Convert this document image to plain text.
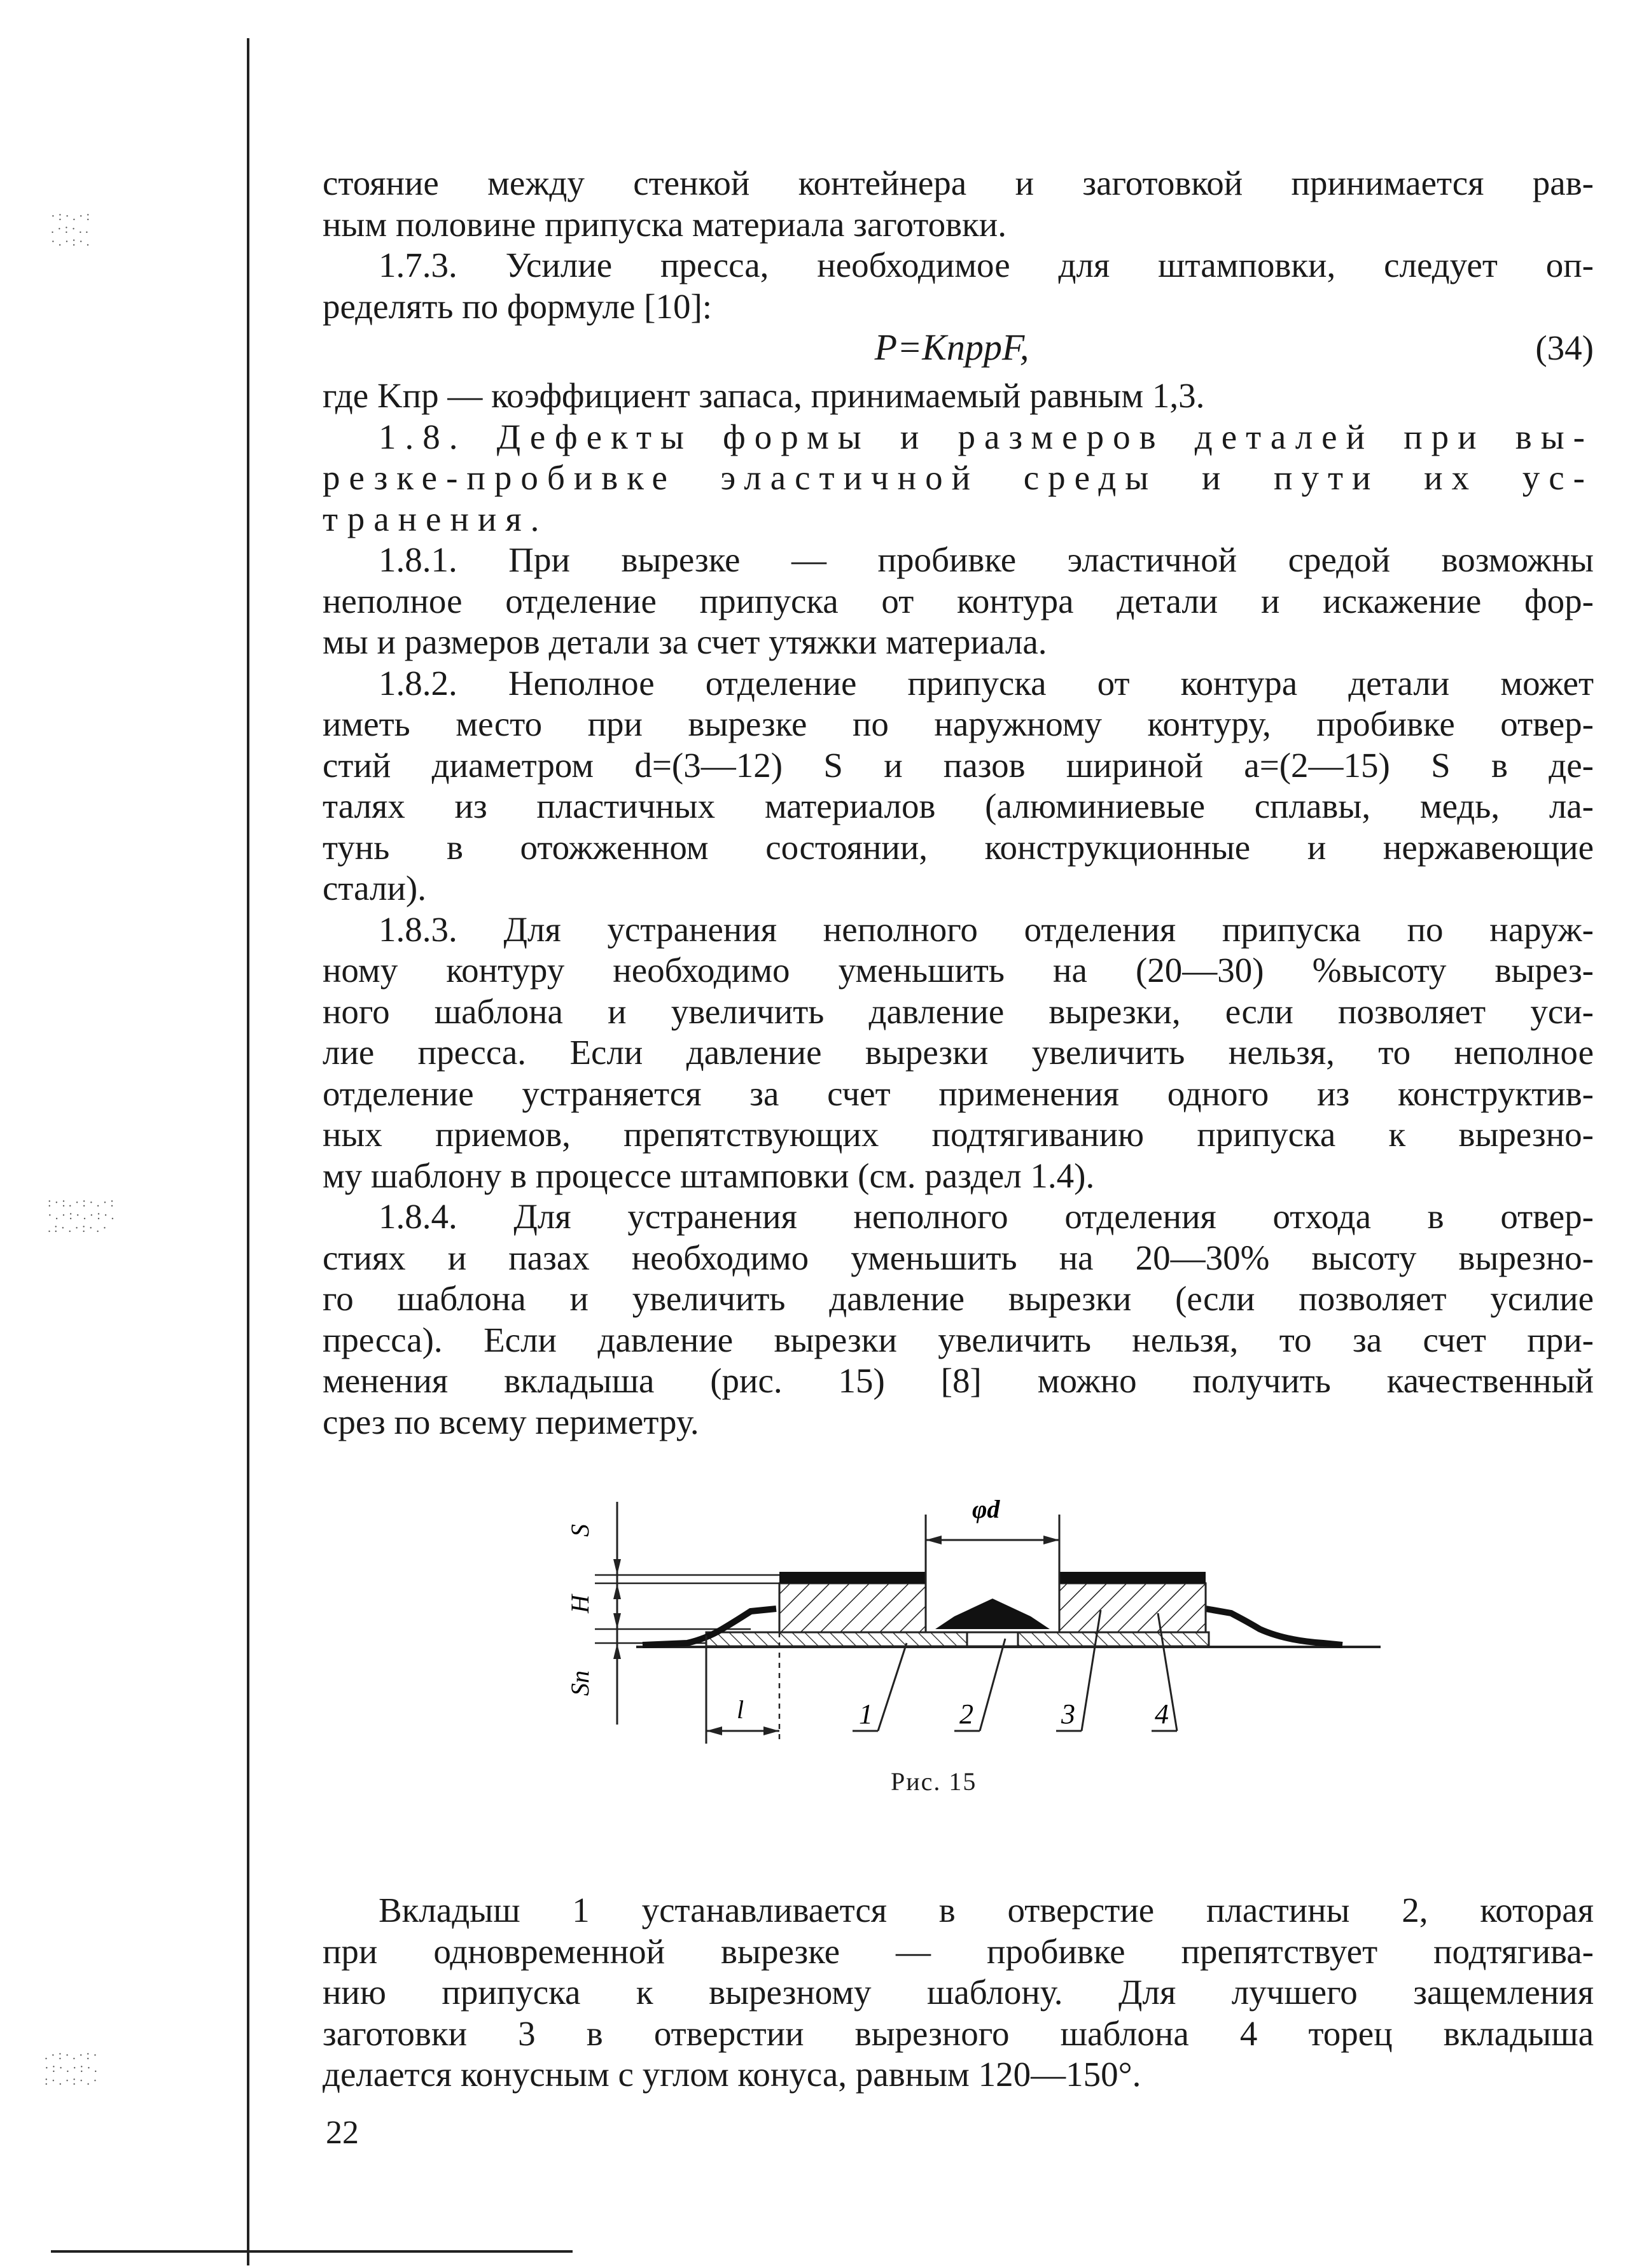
·:·.·:
.·:·..
·.·:·.
:·:.·:·.·:
·.·:·.·:·.
.:·.·:·.·
.·:·.·:·
·:·.·:·.
:·.·:·.·

стояние между стенкой контейнера и заготовкой принимается рав-

ным половине припуска материала заготовки.

1.7.3. Усилие пресса, необходимое для штамповки, следует оп-

ределять по формуле [10]:

P=KпрpF,	(34)

где Kпр — коэффициент запаса, принимаемый равным 1,3.

1.8. Дефекты формы и размеров деталей при вы-

резке-пробивке эластичной среды и пути их ус-

транения.

1.8.1. При вырезке — пробивке эластичной средой возможны

неполное отделение припуска от контура детали и искажение фор-

мы и размеров детали за счет утяжки материала.

1.8.2. Неполное отделение припуска от контура детали может

иметь место при вырезке по наружному контуру, пробивке отвер-

стий диаметром d=(3—12) S и пазов шириной a=(2—15) S в де-

талях из пластичных материалов (алюминиевые сплавы, медь, ла-

тунь в отожженном состоянии, конструкционные и нержавеющие

стали).

1.8.3. Для устранения неполного отделения припуска по наруж-

ному контуру необходимо уменьшить на (20—30) %высоту вырез-

ного шаблона и увеличить давление вырезки, если позволяет уси-

лие пресса. Если давление вырезки увеличить нельзя, то неполное

отделение устраняется за счет применения одного из конструктив-

ных приемов, препятствующих подтягиванию припуска к вырезно-

му шаблону в процессе штамповки (см. раздел 1.4).

1.8.4. Для устранения неполного отделения отхода в отвер-

стиях и пазах необходимо уменьшить на 20—30% высоту вырезно-

го шаблона и увеличить давление вырезки (если позволяет усилие

пресса). Если давление вырезки увеличить нельзя, то за счет при-

менения вкладыша (рис. 15) [8] можно получить качественный

срез по всему периметру.

S
H
Sп
φd
l	1	2	3	4
Рис. 15

Вкладыш 1 устанавливается в отверстие пластины 2, которая

при одновременной вырезке — пробивке препятствует подтягива-

нию припуска к вырезному шаблону. Для лучшего защемления

заготовки 3 в отверстии вырезного шаблона 4 торец вкладыша

делается конусным с углом конуса, равным 120—150°.

22
